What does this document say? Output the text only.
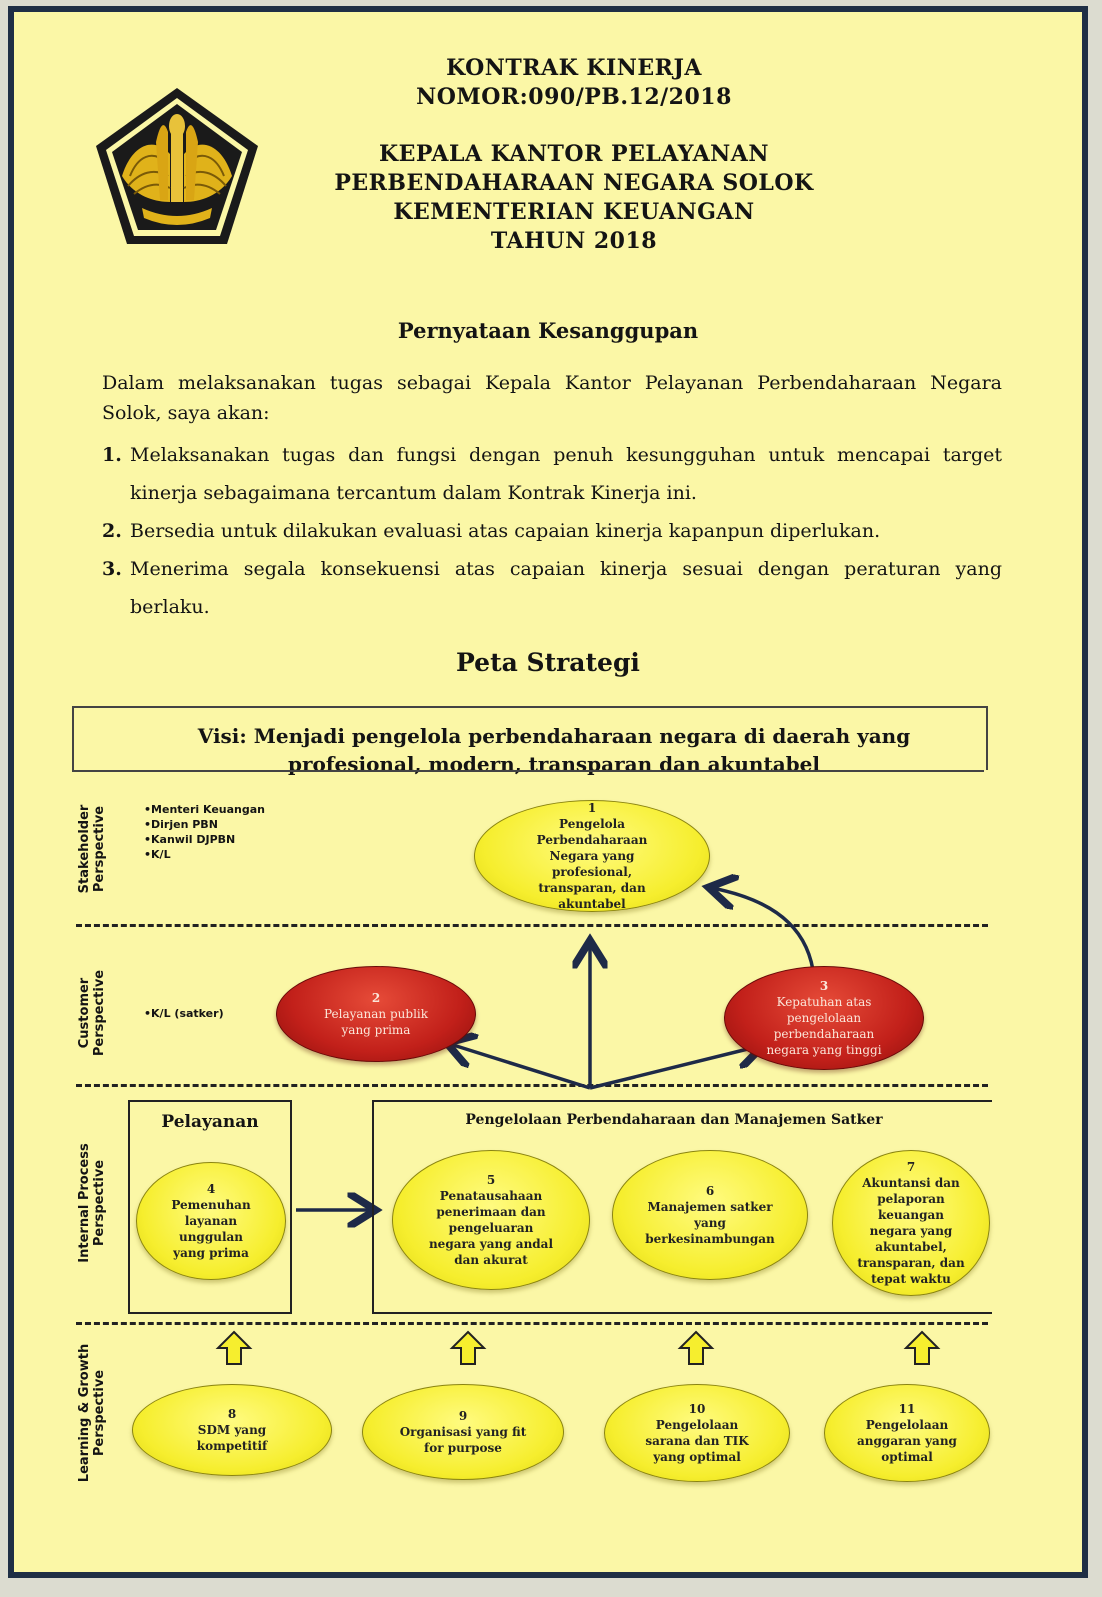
KONTRAK KINERJA
NOMOR:090/PB.12/2018
KEPALA KANTOR PELAYANAN
PERBENDAHARAAN NEGARA SOLOK
KEMENTERIAN KEUANGAN
TAHUN 2018
Pernyataan Kesanggupan
Dalam melaksanakan tugas sebagai Kepala Kantor Pelayanan Perbendaharaan Negara Solok, saya akan:
1. Melaksanakan tugas dan fungsi dengan penuh kesungguhan untuk mencapai target kinerja sebagaimana tercantum dalam Kontrak Kinerja ini.
2. Bersedia untuk dilakukan evaluasi atas capaian kinerja kapanpun diperlukan.
3. Menerima segala konsekuensi atas capaian kinerja sesuai dengan peraturan yang berlaku.
Peta Strategi
Visi: Menjadi pengelola perbendaharaan negara di daerah yang profesional, modern, transparan dan akuntabel
Stakeholder Perspective
Customer Perspective
Internal Process Perspective
Learning & Growth Perspective
•Menteri Keuangan
•Dirjen PBN
•Kanwil DJPBN
•K/L
•K/L (satker)
Pelayanan	Pengelolaan Perbendaharaan dan Manajemen Satker
1
Pengelola Perbendaharaan Negara yang profesional, transparan, dan akuntabel
2
Pelayanan publik yang prima
3
Kepatuhan atas pengelolaan perbendaharaan negara yang tinggi
4
Pemenuhan layanan unggulan yang prima
5
Penatausahaan penerimaan dan pengeluaran negara yang andal dan akurat
6
Manajemen satker yang berkesinambungan
7
Akuntansi dan pelaporan keuangan negara yang akuntabel, transparan, dan tepat waktu
8
SDM yang kompetitif
9
Organisasi yang fit for purpose
10
Pengelolaan sarana dan TIK yang optimal
11
Pengelolaan anggaran yang optimal
